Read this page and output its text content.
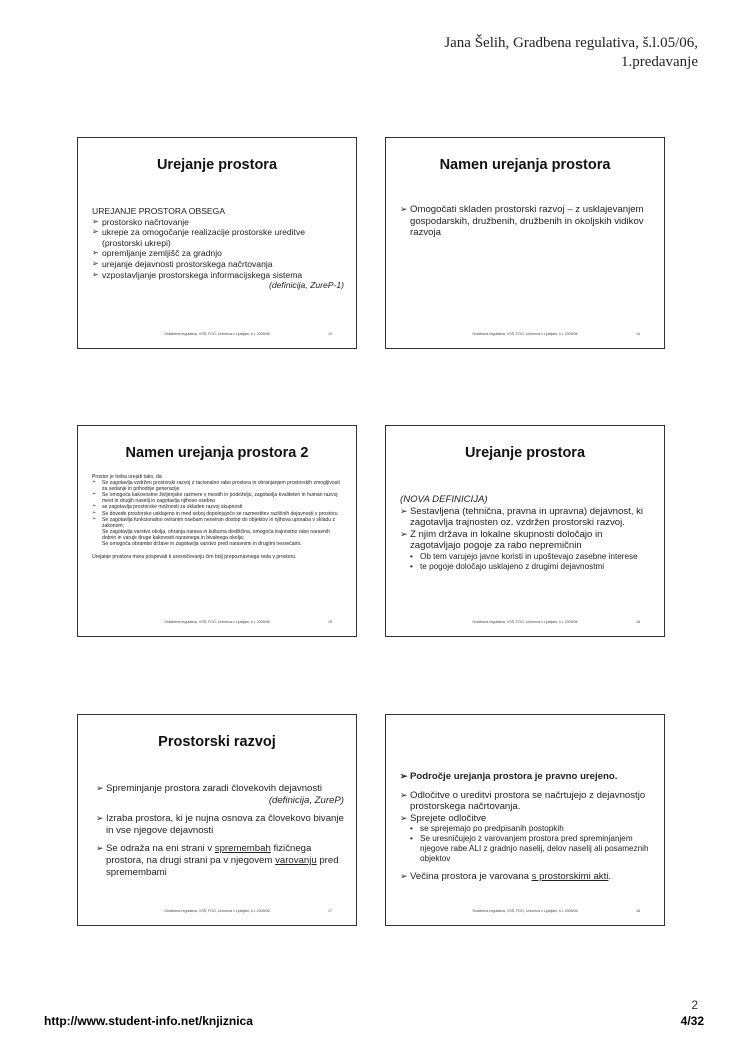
Jana Šelih, Gradbena regulativa, š.l.05/06,
1.predavanje
Urejanje prostora
UREJANJE PROSTORA OBSEGA
➢ prostorsko načrtovanje
➢ ukrepe za omogočanje realizacije prostorske ureditve (prostorski ukrepi)
➢ opremljanje zemljišč za gradnjo
➢ urejanje dejavnosti prostorskega načrtovanja
➢ vzpostavljanje prostorskega informacijskega sistema
(definicija, ZureP-1)
Gradbena regulativa, VSŠ, FGG, Univerza v Ljubljani, š.l. 2005/06	13
Namen urejanja prostora
➢ Omogočati skladen prostorski razvoj – z usklajevanjem gospodarskih, družbenih, družbenih in okoljskih vidikov razvoja
Gradbena regulativa, VSŠ, FGG, Univerza v Ljubljani, š.l. 2005/06	14
Namen urejanja prostora 2
Prostor je treba urejati tako, da
➢ Se zagotavlja vzdržen prostorski razvoj z racionalno rabo prostora in ohranjanjem prostorskih zmogljivosti za sedanje in prihodnje generacije
➢ Se omogoča kakovostne življenjske razmere v mestih in podeželju, zagotavlja kvaliteten in human razvoj mest in drugih naselij in zagotavlja njihovo osebno
➢ se zagotavlja prostorske možnosti za skladen razvoj skupnosti
➢ Se dovede prostorsko usklajeno in med seboj dopolnjujočo se razmestitev različnih dejavnosti v prostoru
➢ Se zagotavlja funkcionalno oviranim osebam neoviran dostop do objektov in njihova uporaba v skladu z zakonom;
Se zagotavlja varstvo okolja, ohranja narava in kulturna dediščina, omogoča trajnostno rabo naravnih dobrin in varuje druge kakovosti naravnega in bivalnega okolja;
Se omogoča obrambo države in zagotavlja varstvo pred naravnimi in drugimi nesrečami.
Urejanje prostora mora prispevati k uresničevanju čim bolj prepoznavnega reda v prostoru.
Gradbena regulativa, VSŠ, FGG, Univerza v Ljubljani, š.l. 2005/06	15
Urejanje prostora
(NOVA DEFINICIJA)
➢ Sestavljena (tehnična, pravna in upravna) dejavnost, ki zagotavlja trajnosten oz. vzdržen prostorski razvoj.
➢ Z njim država in lokalne skupnosti določajo in zagotavljajo pogoje za rabo nepremičnin
• Ob tem varujejo javne koristi in upoštevajo zasebne interese
• te pogoje določajo usklajeno z drugimi dejavnostmi
Gradbena regulativa, VSŠ, FGG, Univerza v Ljubljani, š.l. 2005/06	16
Prostorski razvoj
➢ Spreminjanje prostora zaradi človekovih dejavnosti
(definicija, ZureP)
➢ Izraba prostora, ki je nujna osnova za človekovo bivanje in vse njegove dejavnosti
➢ Se odraža na eni strani v spremembah fizičnega prostora, na drugi strani pa v njegovem varovanju pred spremembami
Gradbena regulativa, VSŠ, FGG, Univerza v Ljubljani, š.l. 2005/06	17
➢ Področje urejanja prostora je pravno urejeno.
➢ Odločitve o ureditvi prostora se načrtujejo z dejavnostjo prostorskega načrtovanja.
➢ Sprejete odločitve
• se sprejemajo po predpisanih postopkih
• Se uresničujejo z varovanjem prostora pred spreminjanjem njegove rabe ALI z gradnjo naselij, delov naselij ali posameznih objektov
➢ Večina prostora je varovana s prostorskimi akti.
Gradbena regulativa, VSŠ, FGG, Univerza v Ljubljani, š.l. 2005/06	18
http://www.student-info.net/knjiznica
2
4/32
